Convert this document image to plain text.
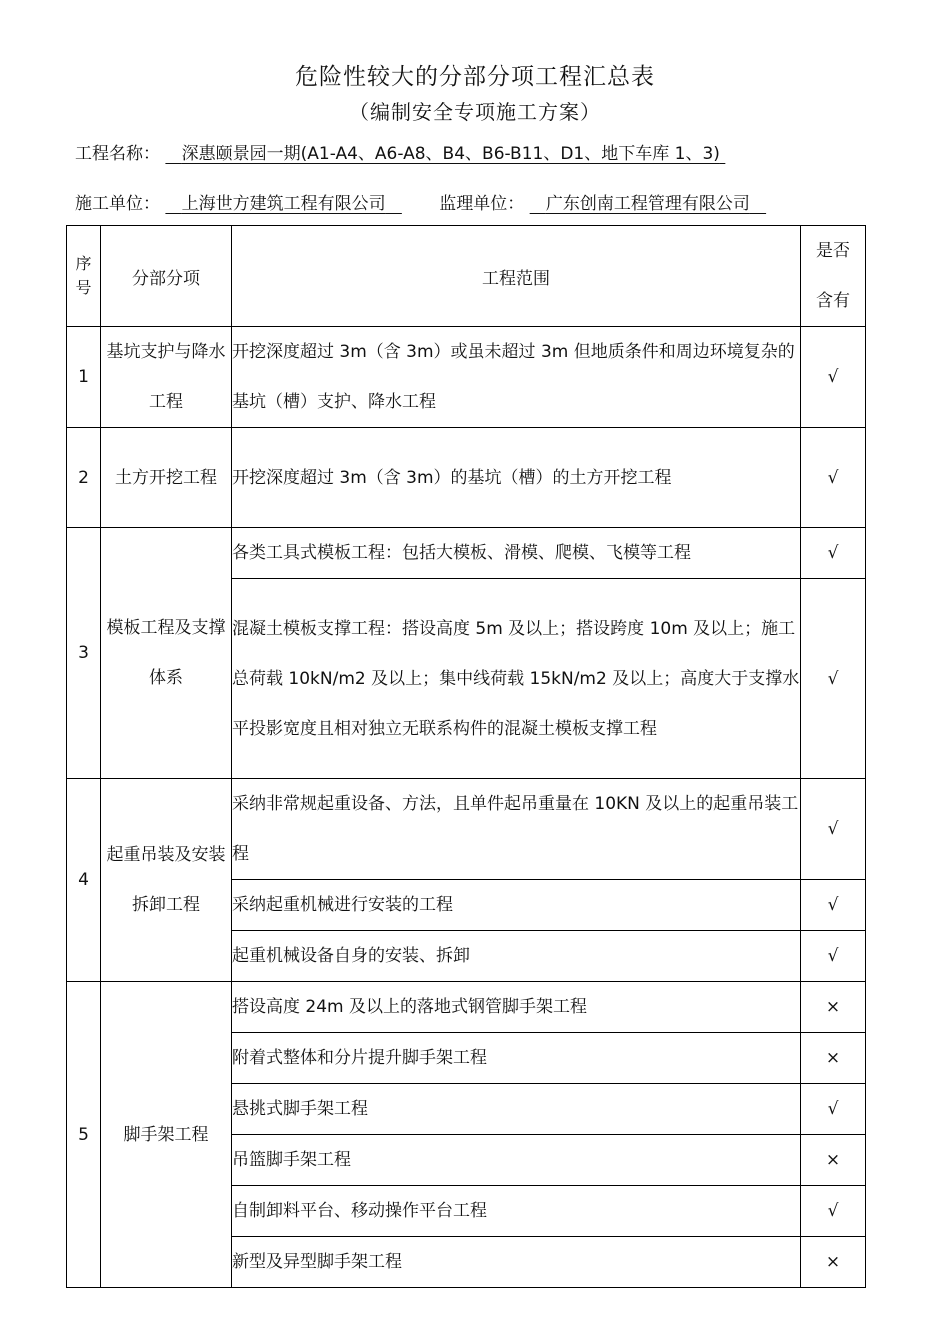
危险性较大的分部分项工程汇总表
（编制安全专项施工方案）
工程名称： 深惠颐景园一期(A1-A4、A6-A8、B4、B6-B11、D1、地下车库 1、3)
施工单位： 上海世方建筑工程有限公司	监理单位： 广东创南工程管理有限公司
序号	分部分项	工程范围	是否含有

1	基坑支护与降水工程	开挖深度超过 3m（含 3m）或虽未超过 3m 但地质条件和周边环境复杂的基坑（槽）支护、降水工程	√
2	土方开挖工程	开挖深度超过 3m（含 3m）的基坑（槽）的土方开挖工程	√
3	模板工程及支撑体系	各类工具式模板工程：包括大模板、滑模、爬模、飞模等工程	√
		混凝土模板支撑工程：搭设高度 5m 及以上；搭设跨度 10m 及以上；施工总荷载 10kN/m2 及以上；集中线荷载 15kN/m2 及以上；高度大于支撑水平投影宽度且相对独立无联系构件的混凝土模板支撑工程	√
4	起重吊装及安装拆卸工程	采纳非常规起重设备、方法，且单件起吊重量在 10KN 及以上的起重吊装工程	√
		采纳起重机械进行安装的工程	√
		起重机械设备自身的安装、拆卸	√
5	脚手架工程	搭设高度 24m 及以上的落地式钢管脚手架工程	×
		附着式整体和分片提升脚手架工程	×
		悬挑式脚手架工程	√
		吊篮脚手架工程	×
		自制卸料平台、移动操作平台工程	√
		新型及异型脚手架工程	×
